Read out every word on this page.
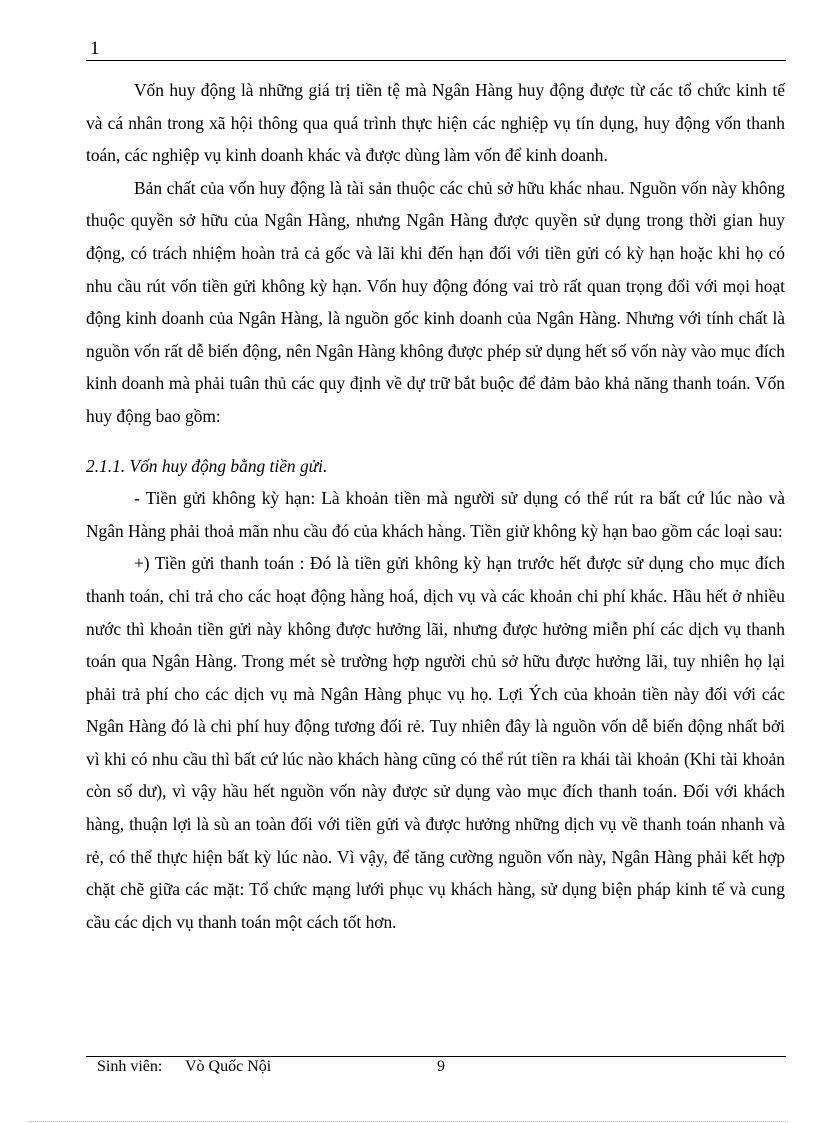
1

Vốn huy động là những giá trị tiền tệ mà Ngân Hàng huy động được từ các tổ chức kinh tế và cá nhân trong xã hội thông qua quá trình thực hiện các nghiệp vụ tín dụng, huy động vốn thanh toán, các nghiệp vụ kinh doanh khác và được dùng làm vốn để kinh doanh.

Bản chất của vốn huy động là tài sản thuộc các chủ sở hữu khác nhau. Nguồn vốn này không thuộc quyền sở hữu của Ngân Hàng, nhưng Ngân Hàng được quyền sử dụng trong thời gian huy động, có trách nhiệm hoàn trả cả gốc và lãi khi đến hạn đối với tiền gửi có kỳ hạn hoặc khi họ có nhu cầu rút vốn tiền gửi không kỳ hạn. Vốn huy động đóng vai trò rất quan trọng đối với mọi hoạt động kinh doanh của Ngân Hàng, là nguồn gốc kinh doanh của Ngân Hàng. Nhưng với tính chất là nguồn vốn rất dễ biến động, nên Ngân Hàng không được phép sử dụng hết số vốn này vào mục đích kinh doanh mà phải tuân thủ các quy định về dự trữ bắt buộc để đảm bảo khả năng thanh toán. Vốn huy động bao gồm:

2.1.1. Vốn huy động bằng tiền gửi.

- Tiền gửi không kỳ hạn: Là khoản tiền mà người sử dụng có thể rút ra bất cứ lúc nào và Ngân Hàng phải thoả mãn nhu cầu đó của khách hàng. Tiền giử không kỳ hạn bao gồm các loại sau:

+) Tiền gửi thanh toán : Đó là tiền gửi không kỳ hạn trước hết được sử dụng cho mục đích thanh toán, chi trả cho các hoạt động hàng hoá, dịch vụ và các khoản chi phí khác. Hầu hết ở nhiều nước thì khoản tiền gửi này không được hưởng lãi, nhưng được hưởng miễn phí các dịch vụ thanh toán qua Ngân Hàng. Trong mét sè trường hợp người chủ sở hữu được hưởng lãi, tuy nhiên họ lại phải trả phí cho các dịch vụ mà Ngân Hàng phục vụ họ. Lợi Ých của khoản tiền này đối với các Ngân Hàng đó là chi phí huy động tương đối rẻ. Tuy nhiên đây là nguồn vốn dễ biến động nhất bởi vì khi có nhu cầu thì bất cứ lúc nào khách hàng cũng có thể rút tiền ra khái tài khoản (Khi tài khoản còn số dư), vì vậy hầu hết nguồn vốn này được sử dụng vào mục đích thanh toán. Đối với khách hàng, thuận lợi là sù an toàn đối với tiền gửi và được hưởng những dịch vụ về thanh toán nhanh và rẻ, có thể thực hiện bất kỳ lúc nào. Vì vậy, để tăng cường nguồn vốn này, Ngân Hàng phải kết hợp chặt chẽ giữa các mặt: Tổ chức mạng lưới phục vụ khách hàng, sử dụng biện pháp kinh tế và cung cầu các dịch vụ thanh toán một cách tốt hơn.

Sinh viên: Vò Quốc Nội	9
